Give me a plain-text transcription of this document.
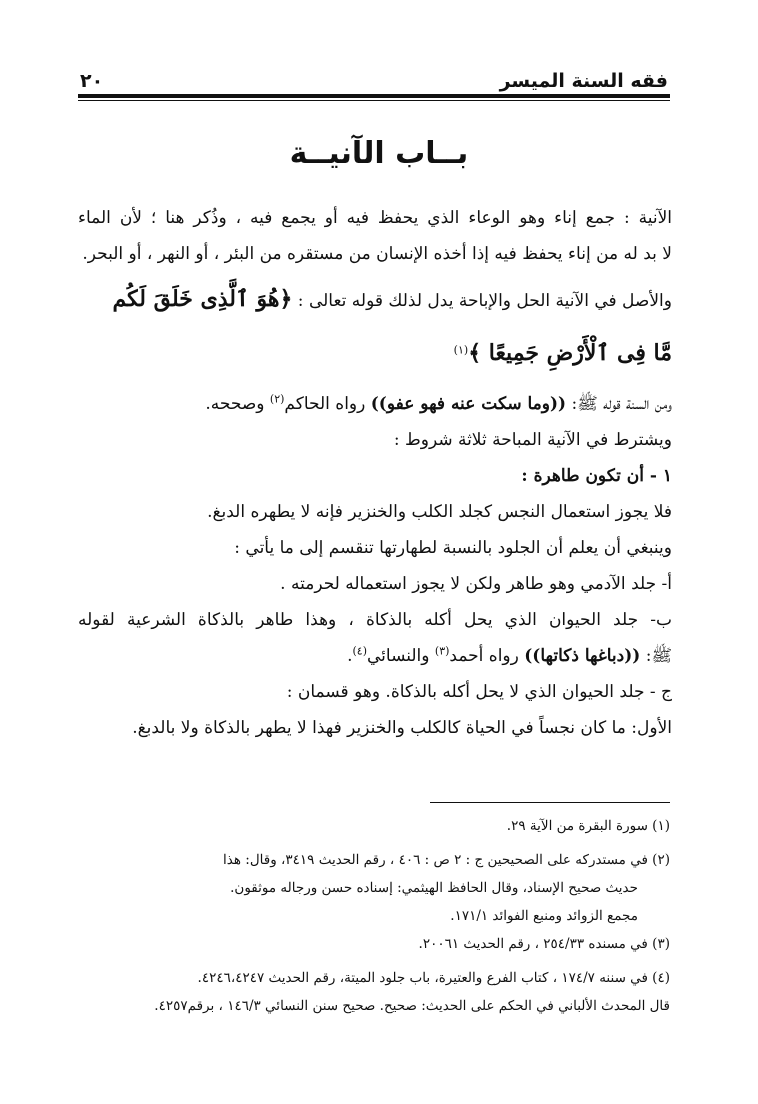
فقه السنة الميسر
٢٠
بــاب الآنيــة
الآنية : جمع إناء وهو الوعاء الذي يحفظ فيه أو يجمع فيه ، وذُكر هنا ؛ لأن الماء
لا بد له من إناء يحفظ فيه إذا أخذه الإنسان من مستقره من البئر ، أو النهر ، أو البحر.
والأصل في الآنية الحل والإباحة يدل لذلك قوله تعالى : ﴿هُوَ ٱلَّذِى خَلَقَ لَكُم
مَّا فِى ٱلْأَرْضِ جَمِيعًا ﴾$^{(١)}$
ومن السنة قوله ﷺ: ((وما سكت عنه فهو عفو)) رواه الحاكم$^{(٢)}$ وصححه.
ويشترط في الآنية المباحة ثلاثة شروط :
١ - أن تكون طاهرة :
فلا يجوز استعمال النجس كجلد الكلب والخنزير فإنه لا يطهره الدبغ.
وينبغي أن يعلم أن الجلود بالنسبة لطهارتها تنقسم إلى ما يأتي :
أ- جلد الآدمي وهو طاهر ولكن لا يجوز استعماله لحرمته .
ب- جلد الحيوان الذي يحل أكله بالذكاة ، وهذا طاهر بالذكاة الشرعية لقوله
ﷺ: ((دباغها ذكاتها)) رواه أحمد$^{(٣)}$ والنسائي$^{(٤)}$.
ج - جلد الحيوان الذي لا يحل أكله بالذكاة. وهو قسمان :
الأول: ما كان نجساً في الحياة كالكلب والخنزير فهذا لا يطهر بالذكاة ولا بالدبغ.
(١) سورة البقرة من الآية ٢٩.
(٢) في مستدركه على الصحيحين ج : ٢ ص : ٤٠٦ ، رقم الحديث ٣٤١٩، وقال: هذا
حديث صحيح الإسناد، وقال الحافظ الهيثمي: إسناده حسن ورجاله موثقون.
مجمع الزوائد ومنبع الفوائد ١٧١/١.
(٣) في مسنده ٢٥٤/٣٣ ، رقم الحديث ٢٠٠٦١.
(٤) في سننه ١٧٤/٧ ، كتاب الفرع والعتيرة، باب جلود الميتة، رقم الحديث ٤٢٤٦،٤٢٤٧.
قال المحدث الألباني في الحكم على الحديث: صحيح. صحيح سنن النسائي ١٤٦/٣ ، برقم٤٢٥٧.
